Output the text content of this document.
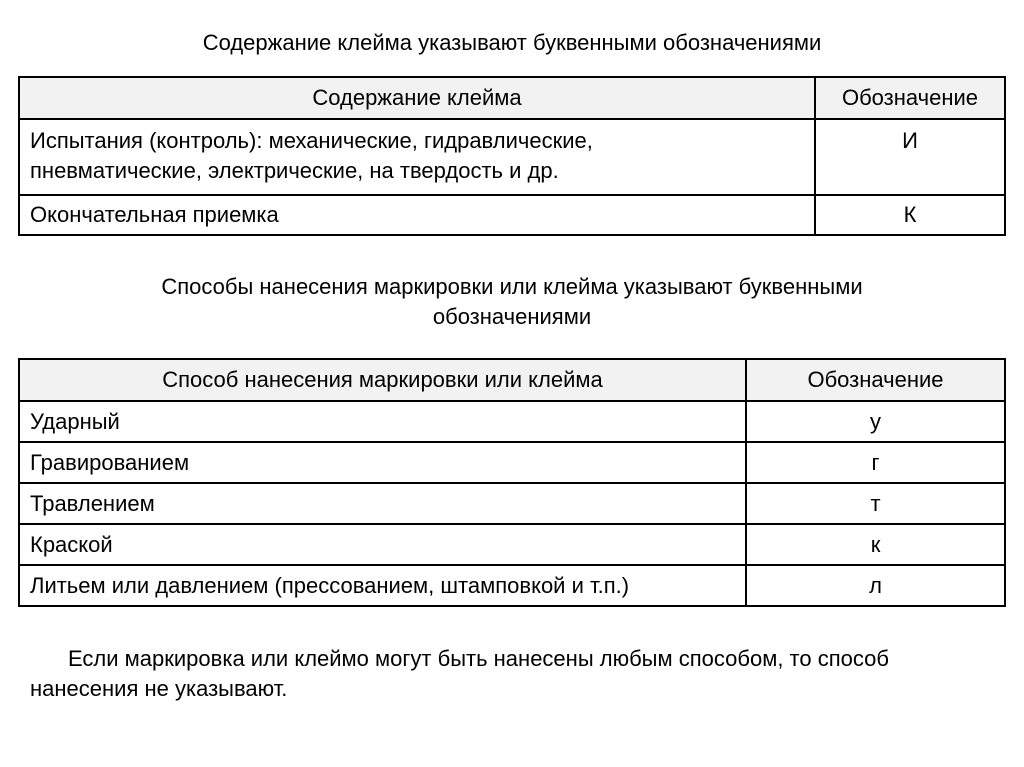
Содержание клейма указывают буквенными обозначениями
Содержание клейма	Обозначение

Испытания (контроль): механические, гидравлические,
пневматические, электрические, на твердость и др.	И
Окончательная приемка	К
Способы нанесения маркировки или клейма указывают буквенными
обозначениями
Способ нанесения маркировки или клейма	Обозначение
Ударный	у
Гравированием	г
Травлением	т
Краской	к
Литьем или давлением (прессованием, штамповкой и т.п.)	л
Если маркировка или клеймо могут быть нанесены любым способом, то способ нанесения не указывают.
